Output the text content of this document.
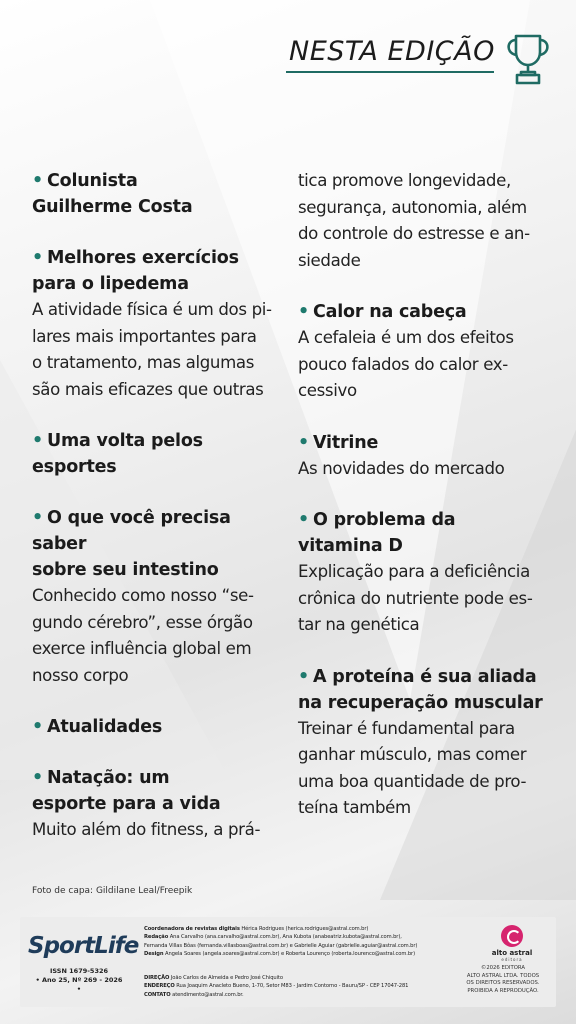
NESTA EDIÇÃO
• Colunista
Guilherme Costa
• Melhores exercícios
para o lipedema
A atividade física é um dos pi-
lares mais importantes para
o tratamento, mas algumas
são mais eficazes que outras
• Uma volta pelos
esportes
• O que você precisa saber
sobre seu intestino
Conhecido como nosso “se-
gundo cérebro”, esse órgão
exerce influência global em
nosso corpo
• Atualidades
• Natação: um
esporte para a vida
Muito além do fitness, a prá-
tica promove longevidade,
segurança, autonomia, além
do controle do estresse e an-
siedade
• Calor na cabeça
A cefaleia é um dos efeitos
pouco falados do calor ex-
cessivo
• Vitrine
As novidades do mercado
• O problema da
vitamina D
Explicação para a deficiência
crônica do nutriente pode es-
tar na genética
• A proteína é sua aliada
na recuperação muscular
Treinar é fundamental para
ganhar músculo, mas comer
uma boa quantidade de pro-
teína também
Foto de capa: Gildilane Leal/Freepik
SportLife
ISSN 1679-5326
• Ano 25, Nº 269 - 2026 •
Coordenadora de revistas digitais Hérica Rodrigues (herica.rodrigues@astral.com.br)
Redação Ana Carvalho (ana.carvalho@astral.com.br), Ana Kubota (anabeatriz.kubota@astral.com.br),
Fernanda Villas Bôas (fernanda.villasboas@astral.com.br) e Gabrielle Aguiar (gabrielle.aguiar@astral.com.br)
Design Angela Soares (angela.soares@astral.com.br) e Roberta Lourenço (roberta.lourenco@astral.com.br)
DIREÇÃO João Carlos de Almeida e Pedro José Chiquito
ENDEREÇO Rua Joaquim Anacleto Bueno, 1-70, Setor M83 - Jardim Contorno - Bauru/SP - CEP 17047-281
CONTATO atendimento@astral.com.br.
alto astral
editora
©2026 EDITORA
ALTO ASTRAL LTDA. TODOS
OS DIREITOS RESERVADOS.
PROIBIDA A REPRODUÇÃO.
